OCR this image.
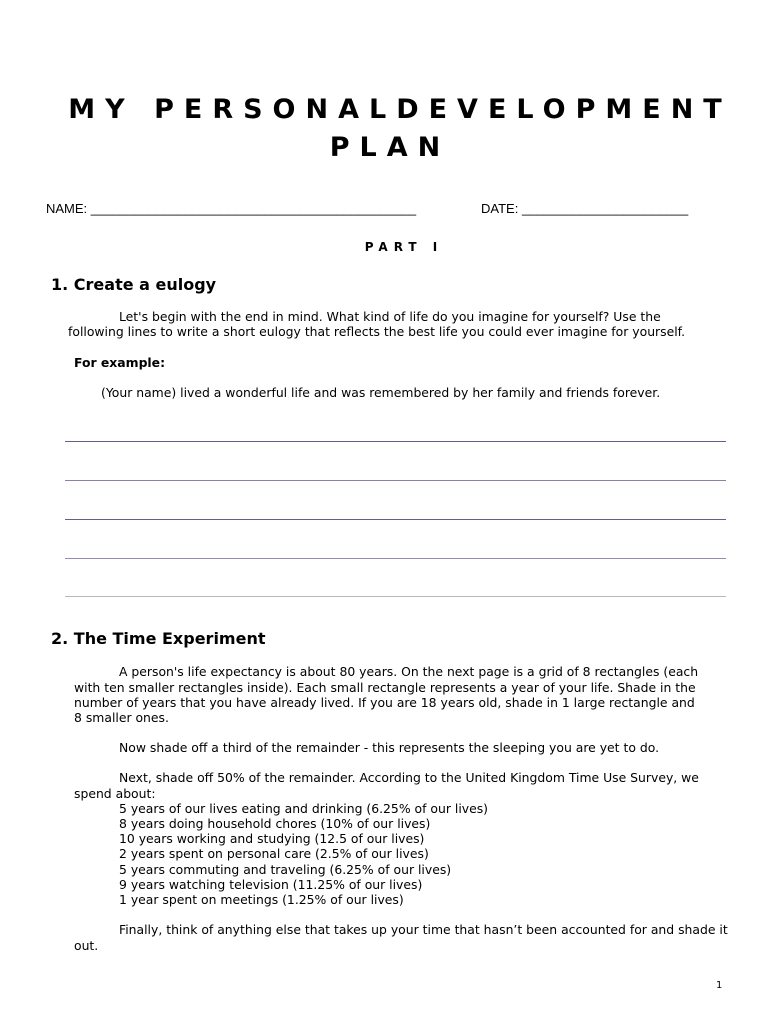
MY PERSONALDEVELOPMENT
PLAN
NAME: _____________________________________________	DATE: _______________________
PART I
1. Create a eulogy
Let's begin with the end in mind. What kind of life do you imagine for yourself? Use the
following lines to write a short eulogy that reflects the best life you could ever imagine for yourself.
For example:
(Your name) lived a wonderful life and was remembered by her family and friends forever.
2. The Time Experiment
A person's life expectancy is about 80 years. On the next page is a grid of 8 rectangles (each
with ten smaller rectangles inside). Each small rectangle represents a year of your life. Shade in the
number of years that you have already lived. If you are 18 years old, shade in 1 large rectangle and
8 smaller ones.
Now shade off a third of the remainder - this represents the sleeping you are yet to do.
Next, shade off 50% of the remainder. According to the United Kingdom Time Use Survey, we
spend about:
5 years of our lives eating and drinking (6.25% of our lives)
8 years doing household chores (10% of our lives)
10 years working and studying (12.5 of our lives)
2 years spent on personal care (2.5% of our lives)
5 years commuting and traveling (6.25% of our lives)
9 years watching television (11.25% of our lives)
1 year spent on meetings (1.25% of our lives)
Finally, think of anything else that takes up your time that hasn’t been accounted for and shade it
out.
1
